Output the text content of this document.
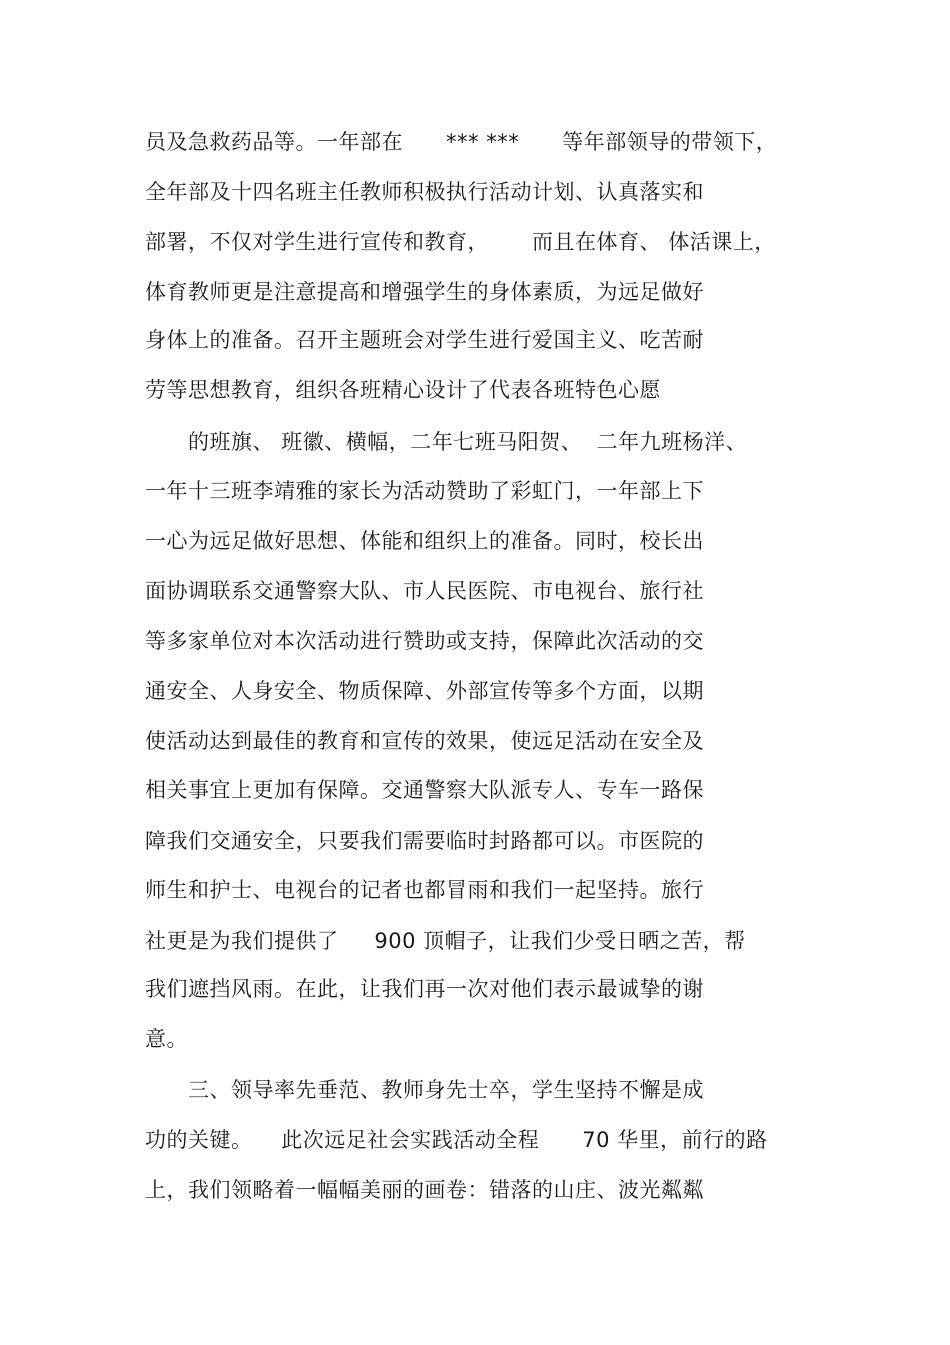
员及急救药品等。一年部在      *** ***      等年部领导的带领下，
全年部及十四名班主任教师积极执行活动计划、认真落实和
部署，不仅对学生进行宣传和教育，      而且在体育、 体活课上，
体育教师更是注意提高和增强学生的身体素质，为远足做好
身体上的准备。召开主题班会对学生进行爱国主义、吃苦耐
劳等思想教育，组织各班精心设计了代表各班特色心愿
的班旗、 班徽、横幅，二年七班马阳贺、  二年九班杨洋、
一年十三班李靖雅的家长为活动赞助了彩虹门，一年部上下
一心为远足做好思想、体能和组织上的准备。同时，校长出
面协调联系交通警察大队、市人民医院、市电视台、旅行社
等多家单位对本次活动进行赞助或支持，保障此次活动的交
通安全、人身安全、物质保障、外部宣传等多个方面，以期
使活动达到最佳的教育和宣传的效果，使远足活动在安全及
相关事宜上更加有保障。交通警察大队派专人、专车一路保
障我们交通安全，只要我们需要临时封路都可以。市医院的
师生和护士、电视台的记者也都冒雨和我们一起坚持。旅行
社更是为我们提供了     900 顶帽子，让我们少受日晒之苦，帮
我们遮挡风雨。在此，让我们再一次对他们表示最诚挚的谢
意。
三、领导率先垂范、教师身先士卒，学生坚持不懈是成
功的关键。    此次远足社会实践活动全程      70 华里，前行的路
上，我们领略着一幅幅美丽的画卷：错落的山庄、波光粼粼
